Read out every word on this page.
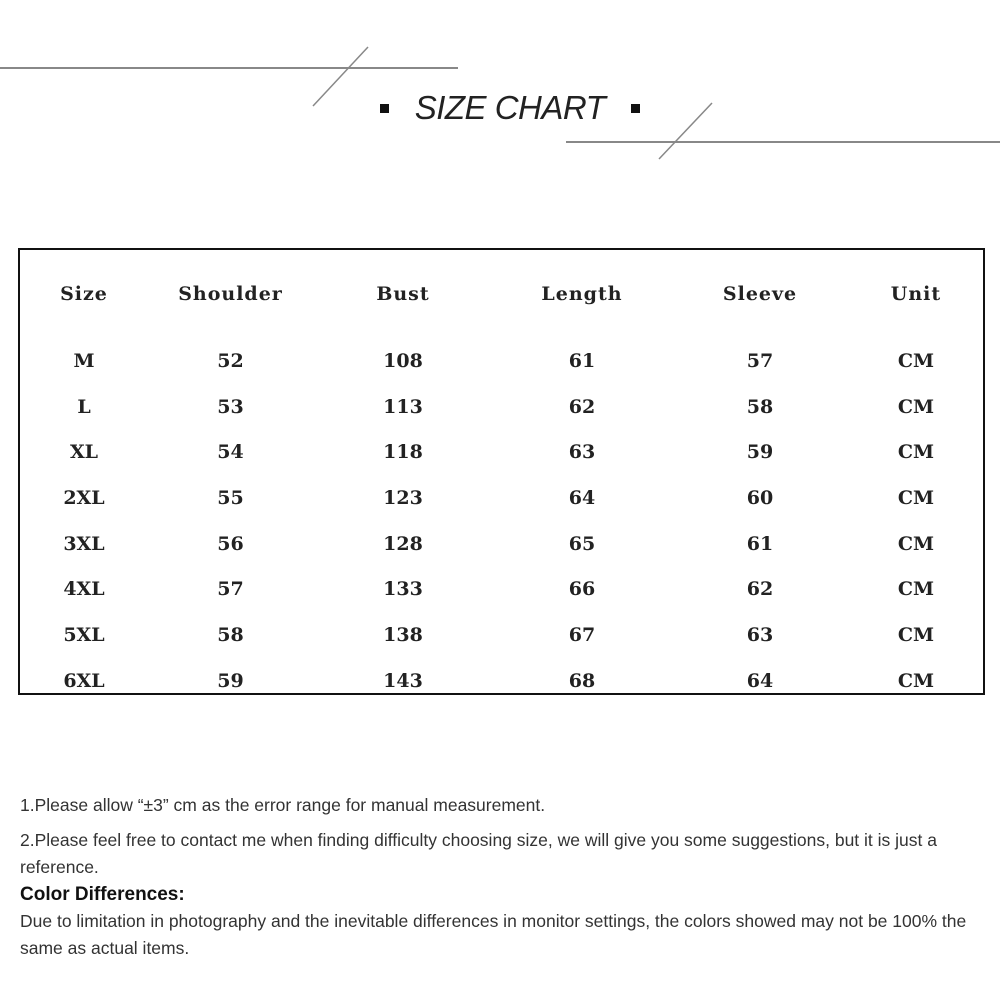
SIZE CHART
Size	Shoulder	Bust	Length	Sleeve	Unit
M	52	108	61	57	CM
L	53	113	62	58	CM
XL	54	118	63	59	CM
2XL	55	123	64	60	CM
3XL	56	128	65	61	CM
4XL	57	133	66	62	CM
5XL	58	138	67	63	CM
6XL	59	143	68	64	CM

1.Please allow “±3” cm as the error range for manual measurement.

2.Please feel free to contact me when finding difficulty choosing size, we will give you some suggestions, but it is just a reference.

Color Differences:

Due to limitation in photography and the inevitable differences in monitor settings, the colors showed may not be 100% the same as actual items.
